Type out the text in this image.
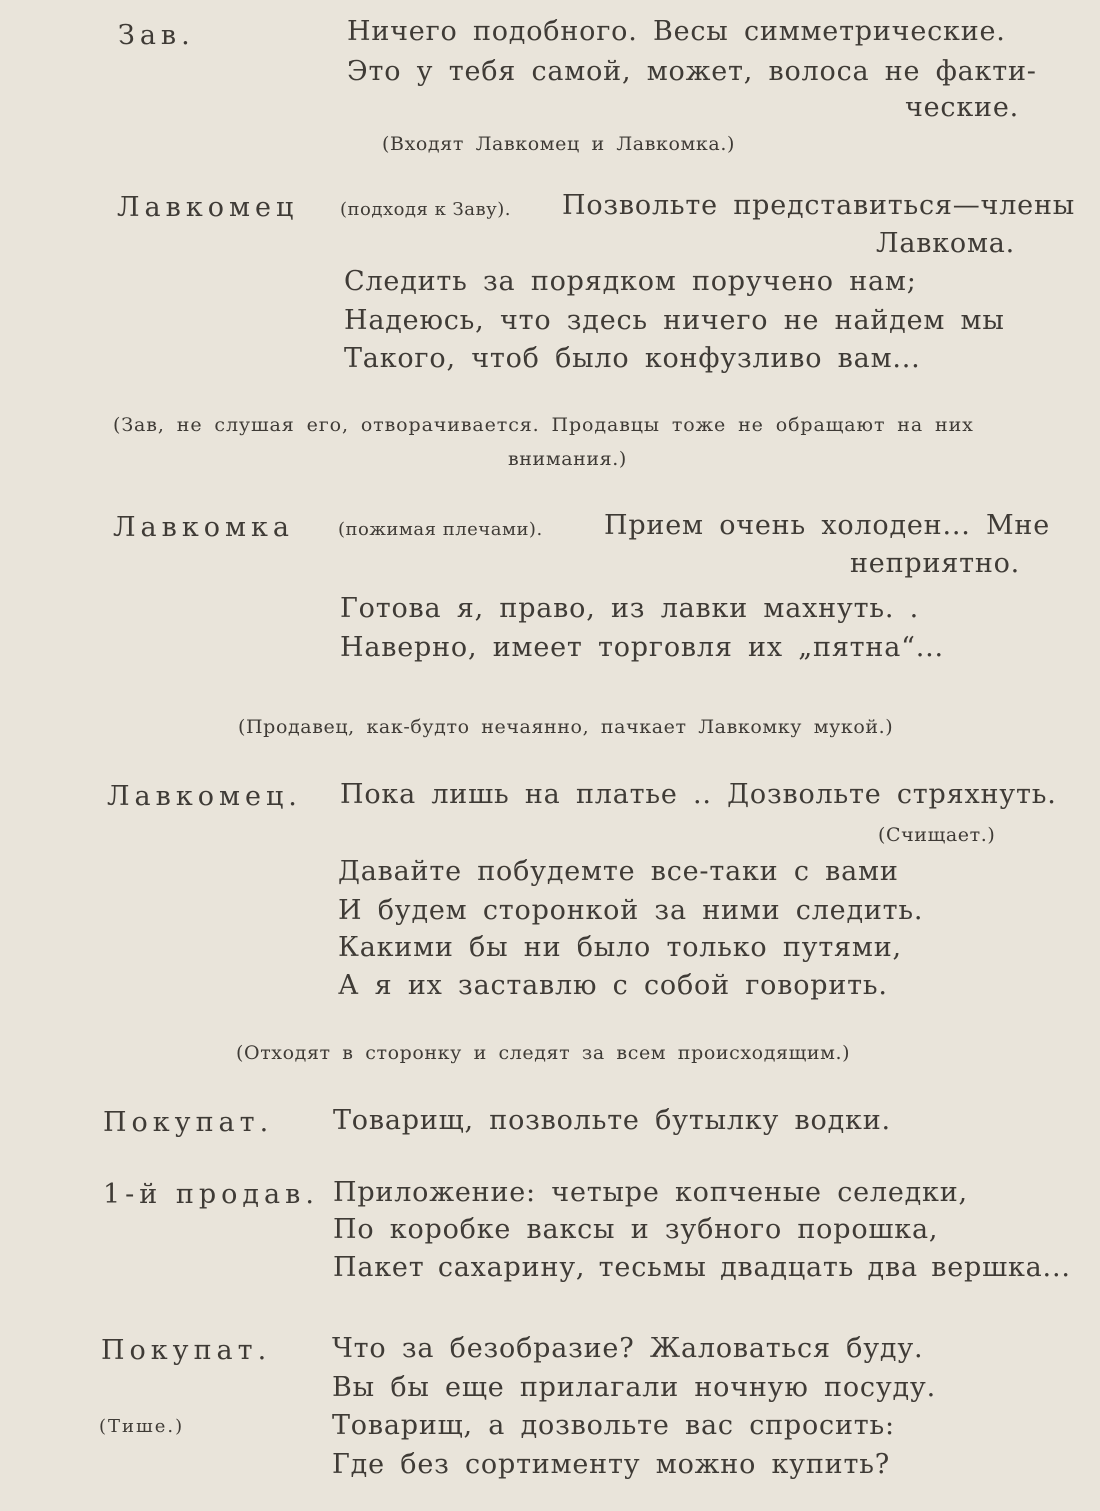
Зав.	Ничего подобного. Весы симметрические.
Это у тебя самой, может, волоса не факти-
ческие.
(Входят Лавкомец и Лавкомка.)
Лавкомец (подходя к Заву). Позвольте представиться—члены
Лавкома.
Следить за порядком поручено нам;
Надеюсь, что здесь ничего не найдем мы
Такого, чтоб было конфузливо вам...
(Зав, не слушая его, отворачивается. Продавцы тоже не обращают на них
внимания.)
Лавкомка (пожимая плечами). Прием очень холоден... Мне
неприятно.
Готова я, право, из лавки махнуть. .
Наверно, имеет торговля их „пятна“...
(Продавец, как-будто нечаянно, пачкает Лавкомку мукой.)
Лавкомец. Пока лишь на платье .. Дозвольте стряхнуть.
(Счищает.)
Давайте побудемте все-таки с вами
И будем сторонкой за ними следить.
Какими бы ни было только путями,
А я их заставлю с собой говорить.
(Отходят в сторонку и следят за всем происходящим.)
Покупат. Товарищ, позвольте бутылку водки.
1-й продав. Приложение: четыре копченые селедки,
По коробке ваксы и зубного порошка,
Пакет сахарину, тесьмы двадцать два вершка...
Покупат. Что за безобразие? Жаловаться буду.
Вы бы еще прилагали ночную посуду.
(Тише.)	Товарищ, а дозвольте вас спросить:
Где без сортименту можно купить?
